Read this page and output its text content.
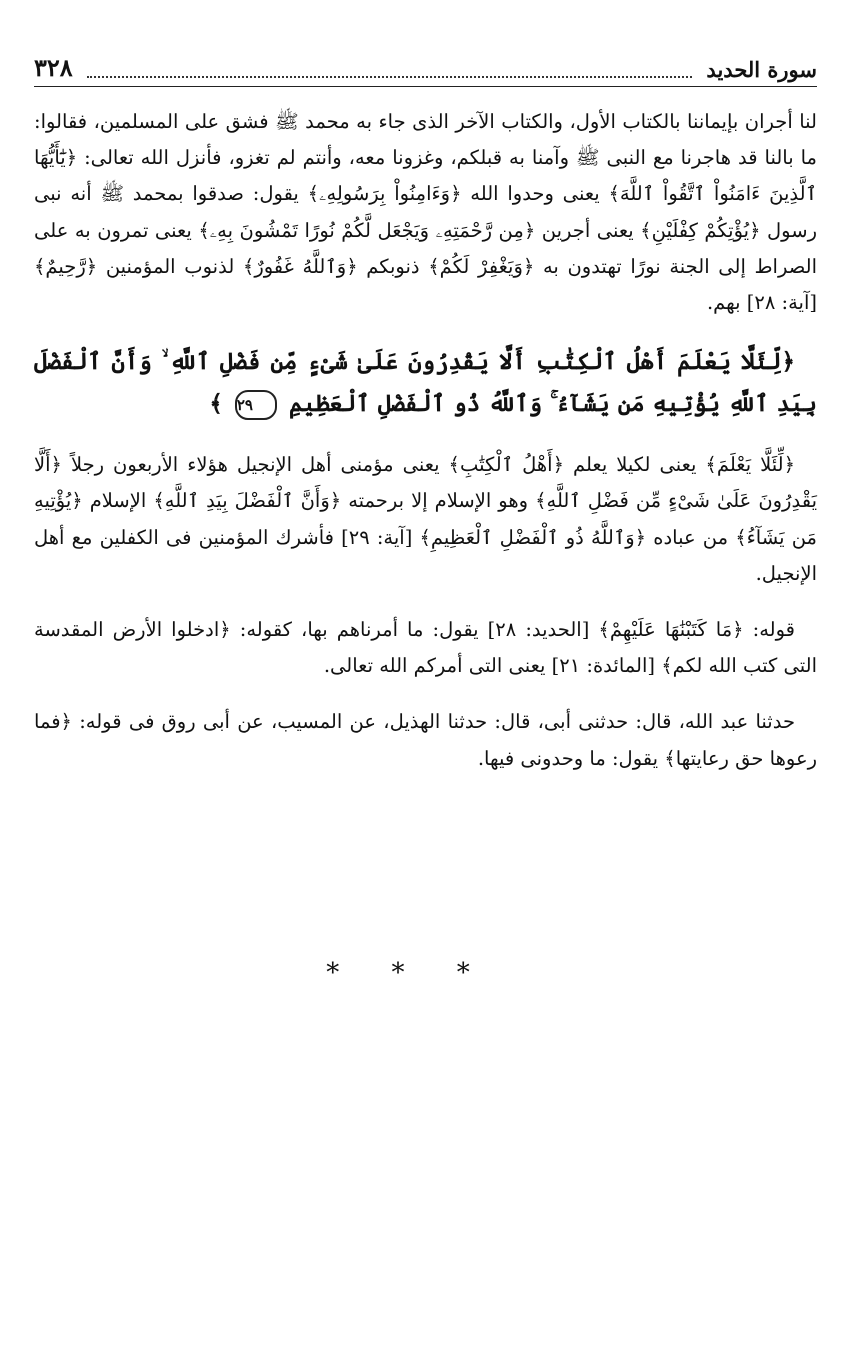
سورة الحديد
٣٢٨

لنا أجران بإيماننا بالكتاب الأول، والكتاب الآخر الذى جاء به محمد ﷺ فشق على المسلمين، فقالوا: ما بالنا قد هاجرنا مع النبى ﷺ وآمنا به قبلكم، وغزونا معه، وأنتم لم تغزو، فأنزل الله تعالى: ﴿يَٰٓأَيُّهَا ٱلَّذِينَ ءَامَنُواْ ٱتَّقُواْ ٱللَّهَ﴾ يعنى وحدوا الله ﴿وَءَامِنُواْ بِرَسُولِهِۦ﴾ يقول: صدقوا بمحمد ﷺ أنه نبى رسول ﴿يُؤْتِكُمْ كِفْلَيْنِ﴾ يعنى أجرين ﴿مِن رَّحْمَتِهِۦ وَيَجْعَل لَّكُمْ نُورًا تَمْشُونَ بِهِۦ﴾ يعنى تمرون به على الصراط إلى الجنة نورًا تهتدون به ﴿وَيَغْفِرْ لَكُمْ﴾ ذنوبكم ﴿وَٱللَّهُ غَفُورٌ﴾ لذنوب المؤمنين ﴿رَّحِيمٌ﴾ [آية: ٢٨] بهم.

﴿لِّئَلَّا يَعْلَمَ أَهْلُ ٱلْكِتَٰبِ أَلَّا يَقْدِرُونَ عَلَىٰ شَىْءٍ مِّن فَضْلِ ٱللَّهِ ۙ وَأَنَّ ٱلْفَضْلَ بِيَدِ ٱللَّهِ يُؤْتِيهِ مَن يَشَآءُ ۚ وَٱللَّهُ ذُو ٱلْفَضْلِ ٱلْعَظِيمِ ٢٩ ﴾

﴿لِّئَلَّا يَعْلَمَ﴾ يعنى لكيلا يعلم ﴿أَهْلُ ٱلْكِتَٰبِ﴾ يعنى مؤمنى أهل الإنجيل هؤلاء الأربعون رجلاً ﴿أَلَّا يَقْدِرُونَ عَلَىٰ شَىْءٍ مِّن فَضْلِ ٱللَّهِ﴾ وهو الإسلام إلا برحمته ﴿وَأَنَّ ٱلْفَضْلَ بِيَدِ ٱللَّهِ﴾ الإسلام ﴿يُؤْتِيهِ مَن يَشَآءُ﴾ من عباده ﴿وَٱللَّهُ ذُو ٱلْفَضْلِ ٱلْعَظِيمِ﴾ [آية: ٢٩] فأشرك المؤمنين فى الكفلين مع أهل الإنجيل.

قوله: ﴿مَا كَتَبْنَٰهَا عَلَيْهِمْ﴾ [الحديد: ٢٨] يقول: ما أمرناهم بها، كقوله: ﴿ادخلوا الأرض المقدسة التى كتب الله لكم﴾ [المائدة: ٢١] يعنى التى أمركم الله تعالى.

حدثنا عبد الله، قال: حدثنى أبى، قال: حدثنا الهذيل، عن المسيب، عن أبى روق فى قوله: ﴿فما رعوها حق رعايتها﴾ يقول: ما وحدونى فيها.

* * *
